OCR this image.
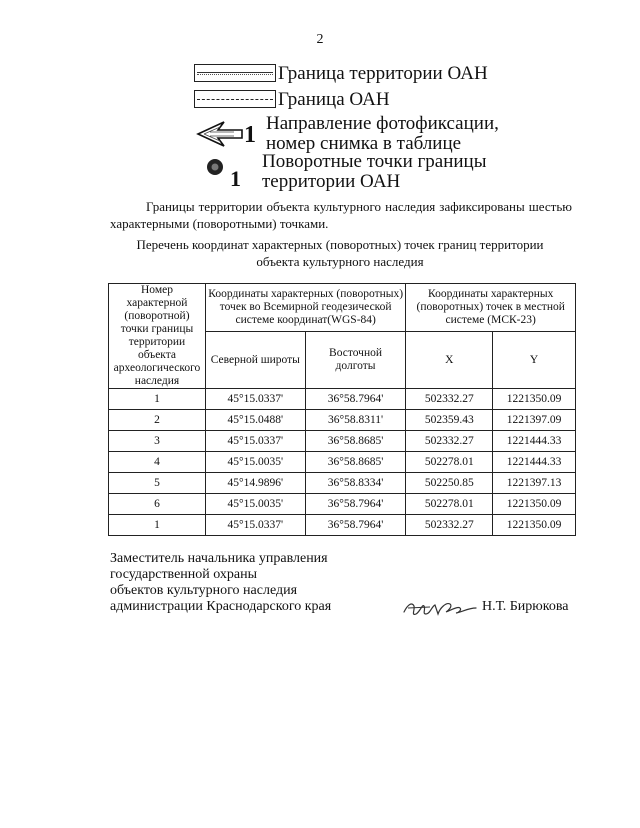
2
Граница территории ОАН
Граница ОАН
1 Направление фотофиксации,
номер снимка в таблице
1
Поворотные точки границы
территории ОАН
Границы территории объекта культурного наследия зафиксированы шестью характерными (поворотными) точками.
Перечень координат характерных (поворотных) точек границ территории
объекта культурного наследия
Номер характерной (поворотной) точки границы территории объекта археологического наследия	Координаты характерных (поворотных) точек во Всемирной геодезической системе координат(WGS-84)		Координаты характерных (поворотных) точек в местной системе (МСК-23)	
	Северной широты	Восточной долготы	X	Y
1	45°15.0337'	36°58.7964'	502332.27	1221350.09
2	45°15.0488'	36°58.8311'	502359.43	1221397.09
3	45°15.0337'	36°58.8685'	502332.27	1221444.33
4	45°15.0035'	36°58.8685'	502278.01	1221444.33
5	45°14.9896'	36°58.8334'	502250.85	1221397.13
6	45°15.0035'	36°58.7964'	502278.01	1221350.09
1	45°15.0337'	36°58.7964'	502332.27	1221350.09
Заместитель начальника управления
государственной охраны
объектов культурного наследия
администрации Краснодарского края	Н.Т. Бирюкова
